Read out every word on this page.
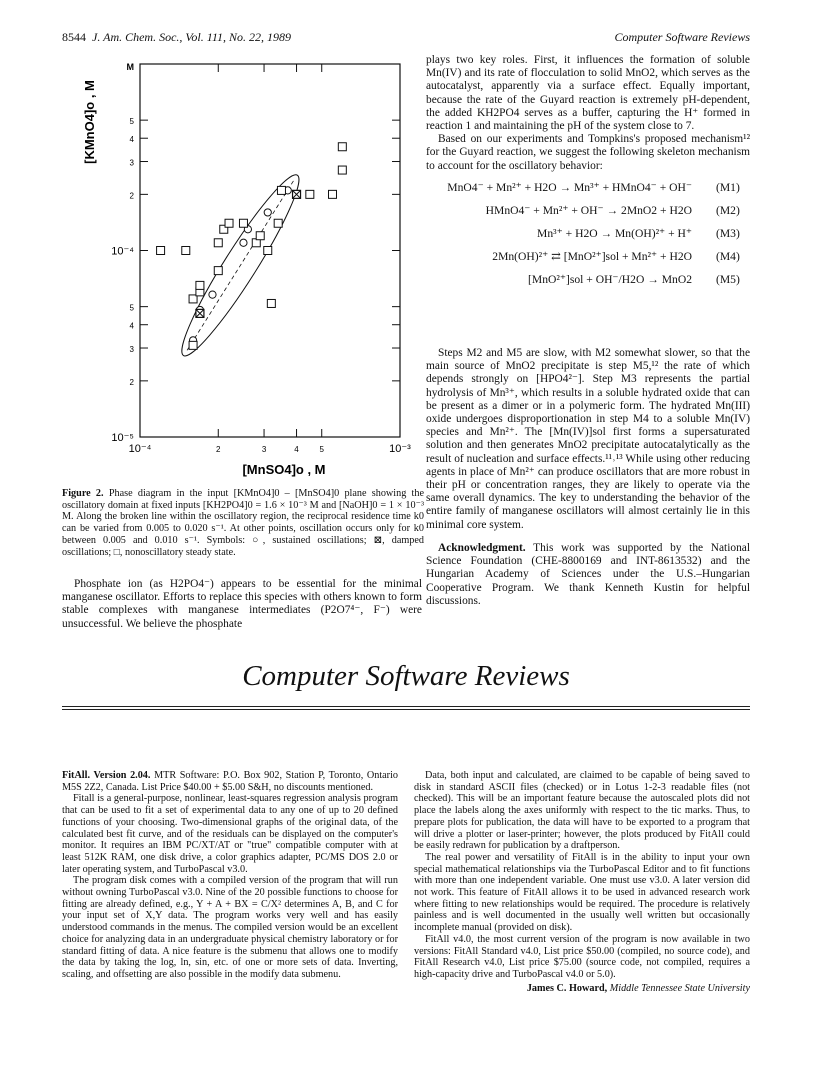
8544 J. Am. Chem. Soc., Vol. 111, No. 22, 1989	Computer Software Reviews
10⁻⁴	2	3	4	5	10⁻³
10⁻⁵
2
3
4
5
10⁻⁴
2
3
4
5
M
[KMnO4]o , M
[MnSO4]o , M
Figure 2. Phase diagram in the input [KMnO4]0 – [MnSO4]0 plane showing the oscillatory domain at fixed inputs [KH2PO4]0 = 1.6 × 10⁻³ M and [NaOH]0 = 1 × 10⁻³ M. Along the broken line within the oscillatory region, the reciprocal residence time k0 can be varied from 0.005 to 0.020 s⁻¹. At other points, oscillation occurs only for k0 between 0.005 and 0.010 s⁻¹. Symbols: ○, sustained oscillations; ⊠, damped oscillations; □, nonoscillatory steady state.

Phosphate ion (as H2PO4⁻) appears to be essential for the minimal manganese oscillator. Efforts to replace this species with others known to form stable complexes with manganese intermediates (P2O7⁴⁻, F⁻) were unsuccessful. We believe the phosphate

plays two key roles. First, it influences the formation of soluble Mn(IV) and its rate of flocculation to solid MnO2, which serves as the autocatalyst, apparently via a surface effect. Equally important, because the rate of the Guyard reaction is extremely pH-dependent, the added KH2PO4 serves as a buffer, capturing the H⁺ formed in reaction 1 and maintaining the pH of the system close to 7.

Based on our experiments and Tompkins's proposed mechanism¹² for the Guyard reaction, we suggest the following skeleton mechanism to account for the oscillatory behavior:

MnO4⁻ + Mn²⁺ + H2O → Mn³⁺ + HMnO4⁻ + OH⁻ (M1)
HMnO4⁻ + Mn²⁺ + OH⁻ → 2MnO2 + H2O (M2)
Mn³⁺ + H2O → Mn(OH)²⁺ + H⁺ (M3)
2Mn(OH)²⁺ ⇄ [MnO²⁺]sol + Mn²⁺ + H2O (M4)
[MnO²⁺]sol + OH⁻/H2O → MnO2 (M5)

Steps M2 and M5 are slow, with M2 somewhat slower, so that the main source of MnO2 precipitate is step M5,¹² the rate of which depends strongly on [HPO4²⁻]. Step M3 represents the partial hydrolysis of Mn³⁺, which results in a soluble hydrated oxide that can be present as a dimer or in a polymeric form. The hydrated Mn(III) oxide undergoes disproportionation in step M4 to a soluble Mn(IV) species and Mn²⁺. The [Mn(IV)]sol first forms a supersaturated solution and then generates MnO2 precipitate autocatalytically as the result of nucleation and surface effects.¹¹˒¹³ While using other reducing agents in place of Mn²⁺ can produce oscillators that are more robust in their pH or concentration ranges, they are likely to operate via the same overall dynamics. The key to understanding the behavior of the entire family of manganese oscillators will almost certainly lie in this minimal core system.

Acknowledgment. This work was supported by the National Science Foundation (CHE-8800169 and INT-8613532) and the Hungarian Academy of Sciences under the U.S.–Hungarian Cooperative Program. We thank Kenneth Kustin for helpful discussions.

Computer Software Reviews

FitAll. Version 2.04. MTR Software: P.O. Box 902, Station P, Toronto, Ontario M5S 2Z2, Canada. List Price $40.00 + $5.00 S&H, no discounts mentioned.

Fitall is a general-purpose, nonlinear, least-squares regression analysis program that can be used to fit a set of experimental data to any one of up to 20 defined functions of your choosing. Two-dimensional graphs of the original data, of the calculated best fit curve, and of the residuals can be displayed on the computer's monitor. It requires an IBM PC/XT/AT or "true" compatible computer with at least 512K RAM, one disk drive, a color graphics adapter, PC/MS DOS 2.0 or later operating system, and TurboPascal v3.0.

The program disk comes with a compiled version of the program that will run without owning TurboPascal v3.0. Nine of the 20 possible functions to choose for fitting are already defined, e.g., Y + A + BX = C/X² determines A, B, and C for your input set of X,Y data. The program works very well and has easily understood commands in the menus. The compiled version would be an excellent choice for analyzing data in an undergraduate physical chemistry laboratory or for standard fitting of data. A nice feature is the submenu that allows one to modify the data by taking the log, ln, sin, etc. of one or more sets of data. Inverting, scaling, and offsetting are also possible in the modify data submenu.

Data, both input and calculated, are claimed to be capable of being saved to disk in standard ASCII files (checked) or in Lotus 1-2-3 readable files (not checked). This will be an important feature because the autoscaled plots did not place the labels along the axes uniformly with respect to the tic marks. Thus, to prepare plots for publication, the data will have to be exported to a program that will drive a plotter or laser-printer; however, the plots produced by FitAll could be easily redrawn for publication by a draftperson.

The real power and versatility of FitAll is in the ability to input your own special mathematical relationships via the TurboPascal Editor and to fit functions with more than one independent variable. One must use v3.0. A later version did not work. This feature of FitAll allows it to be used in advanced research work where fitting to new relationships would be required. The procedure is relatively painless and is well documented in the usually well written but occasionally incomplete manual (provided on disk).

FitAll v4.0, the most current version of the program is now available in two versions: FitAll Standard v4.0, List price $50.00 (compiled, no source code), and FitAll Research v4.0, List price $75.00 (source code, not compiled, requires a high-capacity drive and TurboPascal v4.0 or 5.0).

James C. Howard, Middle Tennessee State University
